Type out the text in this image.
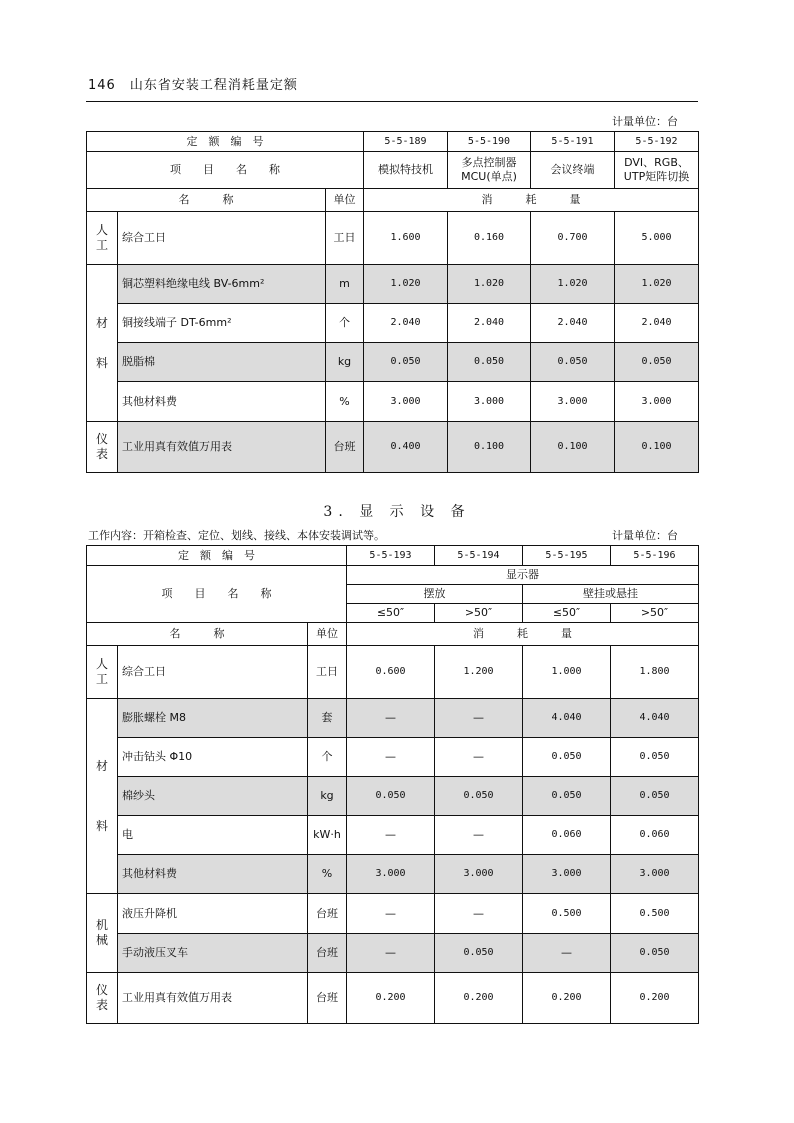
146 山东省安装工程消耗量定额
计量单位：台
定　额　编　号			5-5-189	5-5-190	5-5-191	5-5-192
项　　目　　名　　称			模拟特技机	多点控制器MCU(单点)	会议终端	DVI、RGB、UTP矩阵切换
名　　　称		单位	消　　　耗　　　量			
人工	综合工日	工日	1.600	0.160	0.700	5.000
材料	铜芯塑料绝缘电线 BV-6mm²	m	1.020	1.020	1.020	1.020
	铜接线端子 DT-6mm²	个	2.040	2.040	2.040	2.040
	脱脂棉	kg	0.050	0.050	0.050	0.050
	其他材料费	%	3.000	3.000	3.000	3.000
仪表	工业用真有效值万用表	台班	0.400	0.100	0.100	0.100
3. 显 示 设 备
工作内容：开箱检查、定位、划线、接线、本体安装调试等。	计量单位：台
定　额　编　号			5-5-193	5-5-194	5-5-195	5-5-196
项　　目　　名　　称			显示器			
			摆放		壁挂或悬挂	
			≤50″	>50″	≤50″	>50″
名　　　称		单位	消　　　耗　　　量			
人工	综合工日	工日	0.600	1.200	1.000	1.800
材料	膨胀螺栓 M8	套	—	—	4.040	4.040
	冲击钻头 Φ10	个	—	—	0.050	0.050
	棉纱头	kg	0.050	0.050	0.050	0.050
	电	kW·h	—	—	0.060	0.060
	其他材料费	%	3.000	3.000	3.000	3.000
机械	液压升降机	台班	—	—	0.500	0.500
	手动液压叉车	台班	—	0.050	—	0.050
仪表	工业用真有效值万用表	台班	0.200	0.200	0.200	0.200
